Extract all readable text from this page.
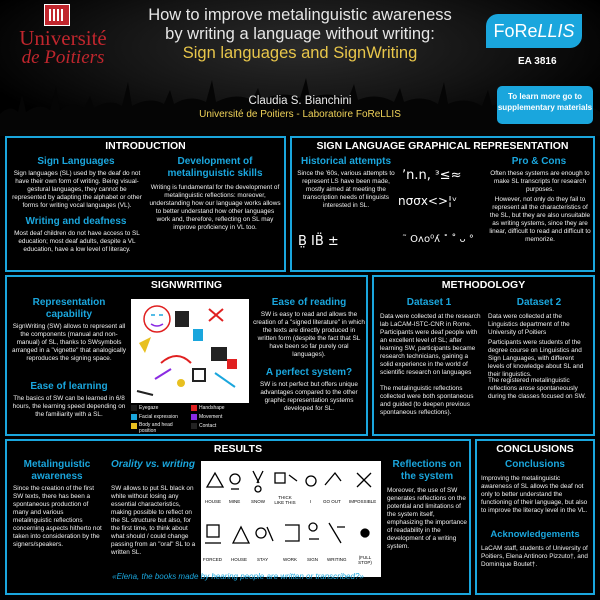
Université
de Poitiers
How to improve metalinguistic awareness
by writing a language without writing:
Sign languages and SignWriting
Claudia S. Bianchini
Université de Poitiers - Laboratoire FoReLLIS
FoReLLIS
EA 3816
To learn more go to supplementary materials
INTRODUCTION
Sign Languages
Sign languages (SL) used by the deaf do not have their own form of writing. Being visual-gestural languages, they cannot be represented by adapting the alphabet or other forms for writing vocal languages (VL).
Writing and deafness
Most deaf children do not have access to SL education; most deaf adults, despite a VL education, have a low level of literacy.
Development of metalinguistic skills
Writing is fundamental for the development of metalinguistic reflections: moreover, understanding how our language works allows to better understand how other languages work and, therefore, reflecting on SL may improve proficiency in VL too.
SIGN LANGUAGE GRAPHICAL REPRESENTATION
Historical attempts
Since the '60s, various attempts to represent LS have been made, mostly aimed at meeting the transcription needs of linguists interested in SL.
ʼn.n, ᵌ≤≈
nσσx<>¦ᵛ
B̤ IB̈ ±	˜ Oᴧᴏ⁰ʎ ˟ ˚ ᴗ °
Pro & Cons
Often these systems are enough to make SL transcripts for research purposes.
However, not only do they fail to represent all the characteristics of the SL, but they are also unsuitable as writing systems, since they are linear, difficult to read and difficult to memorize.
SIGNWRITING
Representation capability
SignWriting (SW) allows to represent all the components (manual and non-manual) of SL, thanks to SWsymbols arranged in a "vignette" that analogically reproduces the signing space.
Ease of learning
The basics of SW can be learned in 6/8 hours, the learning speed depending on the familiarity with a SL.
Eyegaze	Handshape
Facial expression	Movement
Body and head position
Contact
Ease of reading
SW is easy to read and allows the creation of a "signed literature" in which the texts are directly produced in written form (despite the fact that SL have been so far purely oral languages).
A perfect system?
SW is not perfect but offers unique advantages compared to the other graphic representation systems developed for SL.
METHODOLOGY
Dataset 1
Data were collected at the research lab LaCAM-ISTC-CNR in Rome. Participants were deaf people with an excellent level of SL; after learning SW, participants became research technicians, gaining a solid experience in the world of scientific research on languages
The metalinguistic reflections collected were both spontaneous and guided (to deepen previous spontaneous reflections).
Dataset 2
Data were collected at the Linguistics department of the University of Poitiers
Participants were students of the degree course on Linguistics and Sign Languages, with different levels of knowledge about SL and their linguistics.
The registered metalinguistic reflections arose spontaneously during the classes focused on SW.
RESULTS
Metalinguistic awareness
Since the creation of the first SW texts, there has been a spontaneous production of many and various metalinguistic reflections concerning aspects hitherto not taken into consideration by the signers/speakers.
Orality vs. writing
SW allows to put SL black on white without losing any essential characteristics, making possible to reflect on the SL structure but also, for the first time, to think about what should / could change passing from an "oral" SL to a written SL.
HOUSE MINE SNOW
THICK LIKE THIS	I	GO OUT IMPOSSIBLE
FORCED HOUSE STAY	WORK SIGN WRITING	(FULL STOP)
Reflections on the system
Moreover, the use of SW generates reflections on the potential and limitations of the system itself, emphasizing the importance of readability in the development of a writing system.
«Elena, the books made by hearing people are written or transcribed?»
CONCLUSIONS
Conclusions
Improving the metalinguistic awareness of SL allows the deaf not only to better understand the functioning of their language, but also to improve the literacy level in the VL.
Acknowledgements
LaCAM staff, students of University of Poitiers, Elena Antinoro Pizzuto†, and Dominique Boutet†.
